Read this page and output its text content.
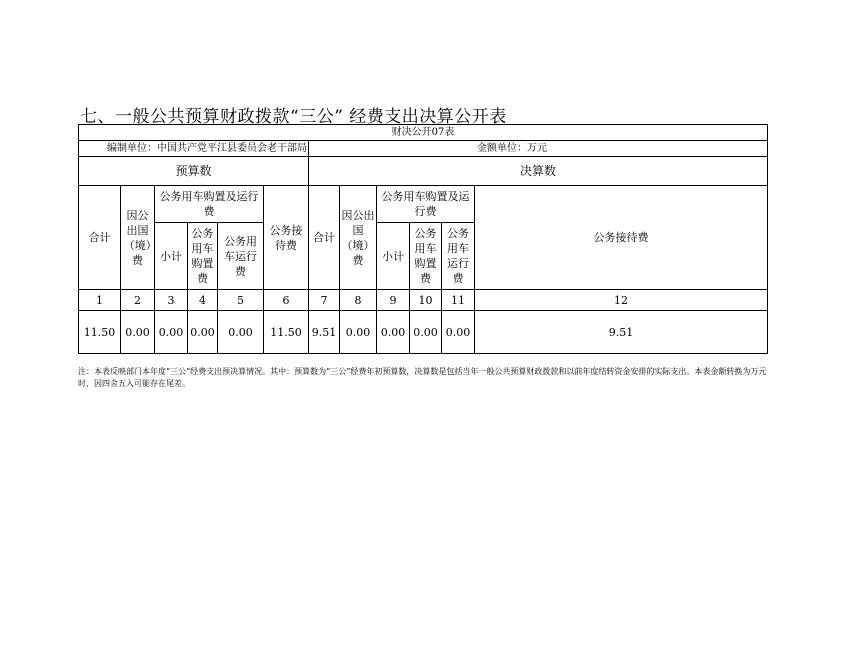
七、一般公共预算财政拨款“三公” 经费支出决算公开表
财决公开07表											
编制单位：中国共产党平江县委员会老干部局						金额单位：万元					
预算数						决算数					
合计	因公出国（境）费	公务用车购置及运行费			公务接待费	合计	因公出国（境）费	公务用车购置及运行费			公务接待费
		小计	公务用车购置费	公务用车运行费				小计	公务用车购置费	公务用车运行费	
1	2	3	4	5	6	7	8	9	10	11	12
11.50	0.00	0.00	0.00	0.00	11.50	9.51	0.00	0.00	0.00	0.00	9.51
注：本表反映部门本年度“三公”经费支出预决算情况。其中：预算数为“三公”经费年初预算数，决算数是包括当年一般公共预算财政拨款和以前年度结转资金安排的实际支出。本表金额转换为万元时，因四舍五入可能存在尾差。
